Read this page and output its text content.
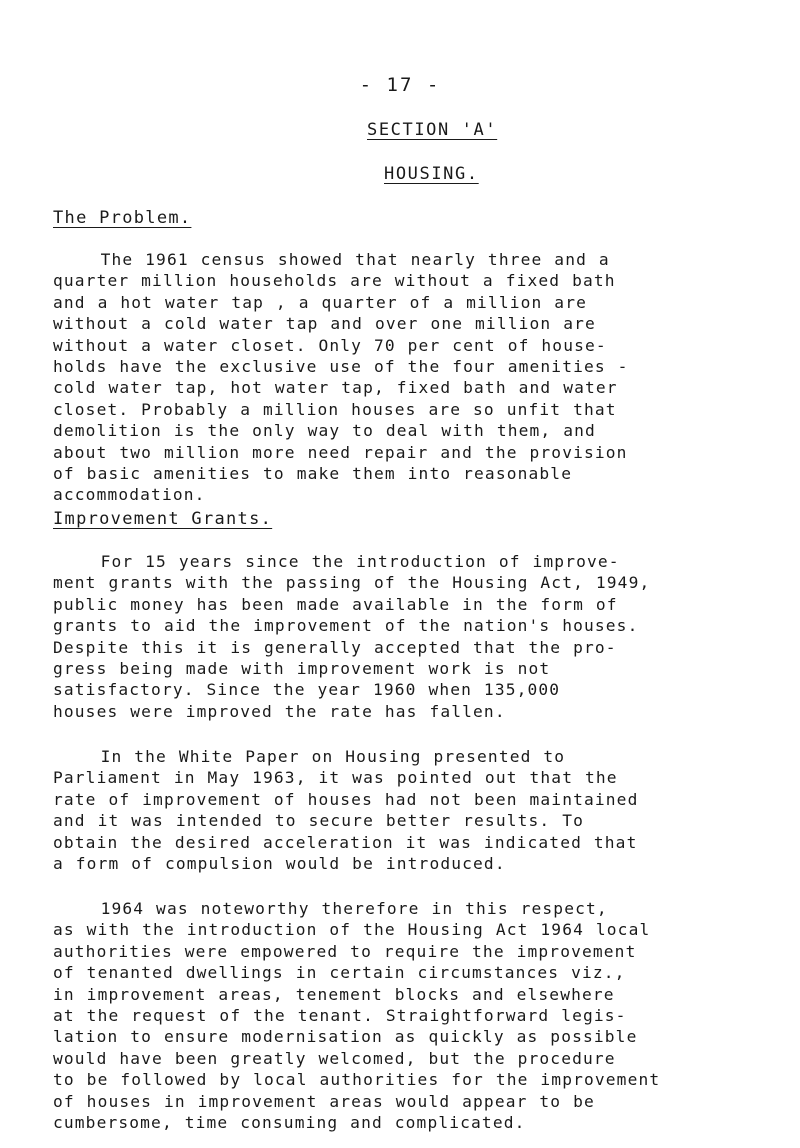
- 17 -
SECTION 'A'
HOUSING.
The Problem.
The 1961 census showed that nearly three and a
quarter million households are without a fixed bath
and a hot water tap , a quarter of a million are
without a cold water tap and over one million are
without a water closet. Only 70 per cent of house-
holds have the exclusive use of the four amenities -
cold water tap, hot water tap, fixed bath and water
closet. Probably a million houses are so unfit that
demolition is the only way to deal with them, and
about two million more need repair and the provision
of basic amenities to make them into reasonable
accommodation.
Improvement Grants.
For 15 years since the introduction of improve-
ment grants with the passing of the Housing Act, 1949,
public money has been made available in the form of
grants to aid the improvement of the nation's houses.
Despite this it is generally accepted that the pro-
gress being made with improvement work is not
satisfactory. Since the year 1960 when 135,000
houses were improved the rate has fallen.
In the White Paper on Housing presented to
Parliament in May 1963, it was pointed out that the
rate of improvement of houses had not been maintained
and it was intended to secure better results. To
obtain the desired acceleration it was indicated that
a form of compulsion would be introduced.
1964 was noteworthy therefore in this respect,
as with the introduction of the Housing Act 1964 local
authorities were empowered to require the improvement
of tenanted dwellings in certain circumstances viz.,
in improvement areas, tenement blocks and elsewhere
at the request of the tenant. Straightforward legis-
lation to ensure modernisation as quickly as possible
would have been greatly welcomed, but the procedure
to be followed by local authorities for the improvement
of houses in improvement areas would appear to be
cumbersome, time consuming and complicated.
